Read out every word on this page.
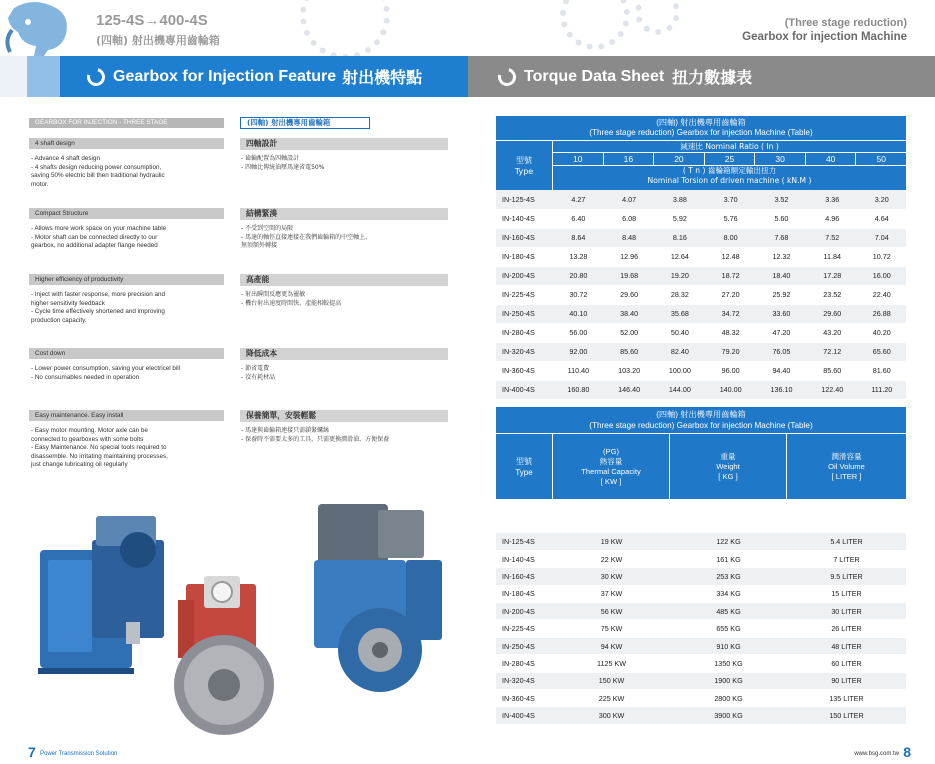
125-4S→400-4S
(四軸) 射出機專用齒輪箱
(Three stage reduction)
Gearbox for injection Machine
Gearbox for Injection Feature 射出機特點	Torque Data Sheet 扭力數據表
GEARBOX FOR INJECTION - THREE STAGE	(四軸) 射出機專用齒輪箱
4 shaft design	四軸設計
- Advance 4 shaft design
- 4 shafts design reducing power consumption,
saving 50% electric bill then traditional hydraulic
motor.
- 齒輪配置為四軸設計
- 四軸比傳統油壓馬達省電50%
Compact Structure	結構緊湊
- Allows more work space on your machine table
- Motor shaft can be connected directly to our
gearbox, no additional adapter flange needed
- 不受到空間的局限
- 馬達的軸徑直接連接在我們齒輪箱的中空軸上，
無須額外轉接
Higher efficiency of productivity	高產能
- Inject with faster response, more precision and
higher sensitivity feedback
- Cycle time effectively shortened and improving
production capacity.
- 射出瞬間反應更為靈敏
- 機台射出速度時間快，產能相較提高
Cost down	降低成本
- Lower power consumption, saving your electricel bill
- No consumables needed in operation
- 節省電費
- 沒有耗材品
Easy maintenance. Easy install	保養簡單，安裝輕鬆
- Easy motor mounting. Motor axle can be
connected to gearboxes with some bolts
- Easy Maintenance. No special tools required to
disassemble. No irritating maintaining processes,
just change lubricating oil regularly
- 馬達與齒輪箱連接只需鎖緊螺絲
- 保養時不需要太多的工具，只需更換潤滑油，方便保養
(四軸) 射出機專用齒輪箱
(Three stage reduction) Gearbox for injection Machine (Table)
型號
Type
減速比 Nominal Ratio ( In )
10	16	20	25	30	40	50
( T n ) 齒輪箱額定輸出扭力
Nominal Torsion of driven machine ( kN.M )
IN-125-4S	4.27	4.07	3.88	3.70	3.52	3.36	3.20
IN-140-4S	6.40	6.08	5.92	5.76	5.60	4.96	4.64
IN-160-4S	8.64	8.48	8.16	8.00	7.68	7.52	7.04
IN-180-4S	13.28	12.96	12.64	12.48	12.32	11.84	10.72
IN-200-4S	20.80	19.68	19.20	18.72	18.40	17.28	16.00
IN-225-4S	30.72	29.60	28.32	27.20	25.92	23.52	22.40
IN-250-4S	40.10	38.40	35.68	34.72	33.60	29.60	26.88
IN-280-4S	56.00	52.00	50.40	48.32	47.20	43.20	40.20
IN-320-4S	92.00	85.60	82.40	79.20	76.05	72.12	65.60
IN-360-4S	110.40	103.20	100.00	96.00	94.40	85.60	81.60
IN-400-4S	160.80	146.40	144.00	140.00	136.10	122.40	111.20
(四軸) 射出機專用齒輪箱
(Three stage reduction) Gearbox for injection Machine (Table)
型號
Type
(PG)
熱容量
Thermal Capacity
[ KW ]
重量
Weight
[ KG ]
潤滑容量
Oil Volume
[ LITER ]
IN-125-4S	19 KW	122 KG	5.4 LITER
IN-140-4S	22 KW	161 KG	7 LITER
IN-160-4S	30 KW	253 KG	9.5 LITER
IN-180-4S	37 KW	334 KG	15 LITER
IN-200-4S	56 KW	485 KG	30 LITER
IN-225-4S	75 KW	655 KG	26 LITER
IN-250-4S	94 KW	910 KG	48 LITER
IN-280-4S	1125 KW	1350 KG	60 LITER
IN-320-4S	150 KW	1900 KG	90 LITER
IN-360-4S	225 KW	2800 KG	135 LITER
IN-400-4S	300 KW	3900 KG	150 LITER
7 Power Transmission Solution	www.bsg.com.tw 8
